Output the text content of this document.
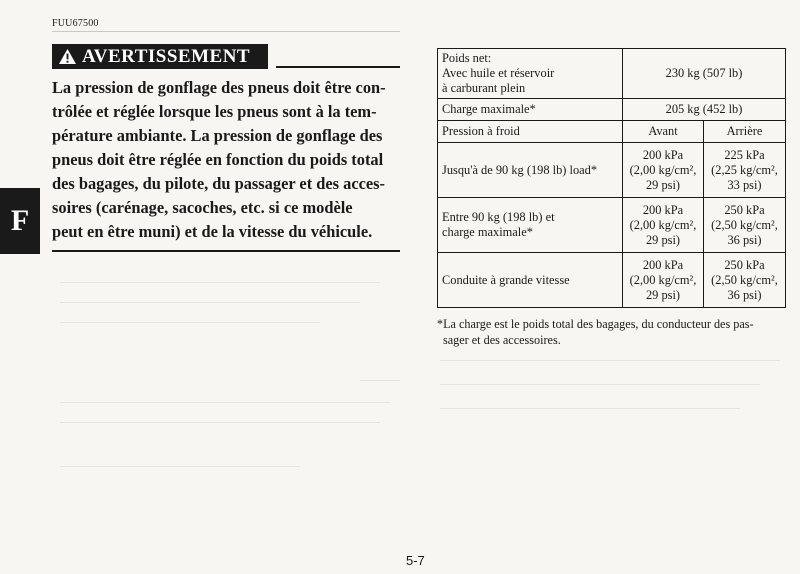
FUU67500
AVERTISSEMENT

La pression de gonflage des pneus doit être con-
trôlée et réglée lorsque les pneus sont à la tem-
pérature ambiante. La pression de gonflage des
pneus doit être réglée en fonction du poids total
des bagages, du pilote, du passager et des acces-
soires (carénage, sacoches, etc. si ce modèle
peut en être muni) et de la vitesse du véhicule.

F
Poids net:
Avec huile et réservoir
à carburant plein	230 kg (507 lb)	
Charge maximale*	205 kg (452 lb)	
Pression à froid	Avant	Arrière

Jusqu'à de 90 kg (198 lb) load*	200 kPa
(2,00 kg/cm²,
29 psi)	225 kPa
(2,25 kg/cm²,
33 psi)

Entre 90 kg (198 lb) et
charge maximale*	200 kPa
(2,00 kg/cm²,
29 psi)	250 kPa
(2,50 kg/cm²,
36 psi)

Conduite à grande vitesse	200 kPa
(2,00 kg/cm²,
29 psi)	250 kPa
(2,50 kg/cm²,
36 psi)
*La charge est le poids total des bagages, du conducteur des pas-
sager et des accessoires.
5-7
